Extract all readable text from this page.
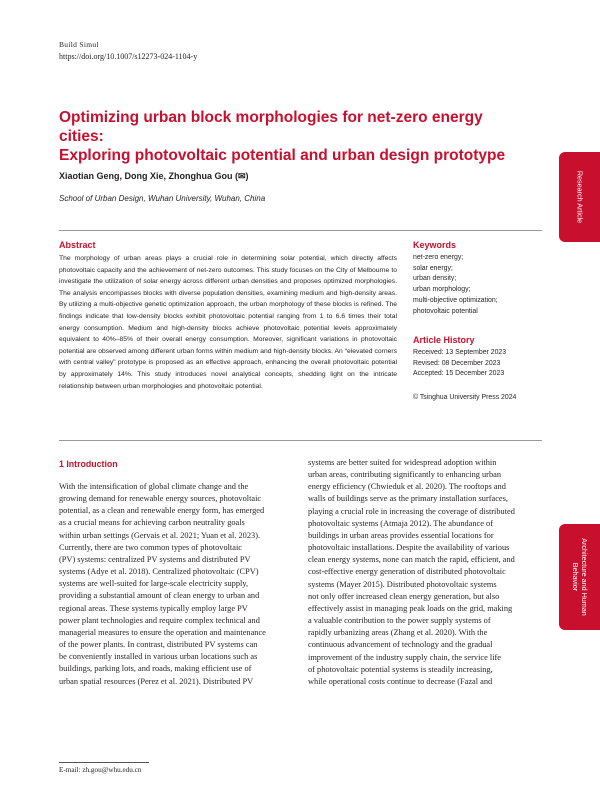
Build Simul
https://doi.org/10.1007/s12273-024-1104-y
Optimizing urban block morphologies for net-zero energy cities:
Exploring photovoltaic potential and urban design prototype
Xiaotian Geng, Dong Xie, Zhonghua Gou (✉)
School of Urban Design, Wuhan University, Wuhan, China
Abstract
The morphology of urban areas plays a crucial role in determining solar potential, which directly affects photovoltaic capacity and the achievement of net-zero outcomes. This study focuses on the City of Melbourne to investigate the utilization of solar energy across different urban densities and proposes optimized morphologies. The analysis encompasses blocks with diverse population densities, examining medium and high-density areas. By utilizing a multi-objective genetic optimization approach, the urban morphology of these blocks is refined. The findings indicate that low-density blocks exhibit photovoltaic potential ranging from 1 to 6.6 times their total energy consumption. Medium and high-density blocks achieve photovoltaic potential levels approximately equivalent to 40%–85% of their overall energy consumption. Moreover, significant variations in photovoltaic potential are observed among different urban forms within medium and high-density blocks. An “elevated corners with central valley” prototype is proposed as an effective approach, enhancing the overall photovoltaic potential by approximately 14%. This study introduces novel analytical concepts, shedding light on the intricate relationship between urban morphologies and photovoltaic potential.
Keywords
net-zero energy;
solar energy;
urban density;
urban morphology;
multi-objective optimization;
photovoltaic potential
Article History
Received: 13 September 2023
Revised: 08 December 2023
Accepted: 15 December 2023
© Tsinghua University Press 2024
Research Article
Architecture and Human
Behavior
1 Introduction
With the intensification of global climate change and the
growing demand for renewable energy sources, photovoltaic
potential, as a clean and renewable energy form, has emerged
as a crucial means for achieving carbon neutrality goals
within urban settings (Gervais et al. 2021; Yuan et al. 2023).
Currently, there are two common types of photovoltaic
(PV) systems: centralized PV systems and distributed PV
systems (Adye et al. 2018). Centralized photovoltaic (CPV)
systems are well-suited for large-scale electricity supply,
providing a substantial amount of clean energy to urban and
regional areas. These systems typically employ large PV
power plant technologies and require complex technical and
managerial measures to ensure the operation and maintenance
of the power plants. In contrast, distributed PV systems can
be conveniently installed in various urban locations such as
buildings, parking lots, and roads, making efficient use of
urban spatial resources (Perez et al. 2021). Distributed PV
systems are better suited for widespread adoption within
urban areas, contributing significantly to enhancing urban
energy efficiency (Chwieduk et al. 2020). The rooftops and
walls of buildings serve as the primary installation surfaces,
playing a crucial role in increasing the coverage of distributed
photovoltaic systems (Atmaja 2012). The abundance of
buildings in urban areas provides essential locations for
photovoltaic installations. Despite the availability of various
clean energy systems, none can match the rapid, efficient, and
cost-effective energy generation of distributed photovoltaic
systems (Mayer 2015). Distributed photovoltaic systems
not only offer increased clean energy generation, but also
effectively assist in managing peak loads on the grid, making
a valuable contribution to the power supply systems of
rapidly urbanizing areas (Zhang et al. 2020). With the
continuous advancement of technology and the gradual
improvement of the industry supply chain, the service life
of photovoltaic potential systems is steadily increasing,
while operational costs continue to decrease (Fazal and
E-mail: zh.gou@whu.edu.cn
